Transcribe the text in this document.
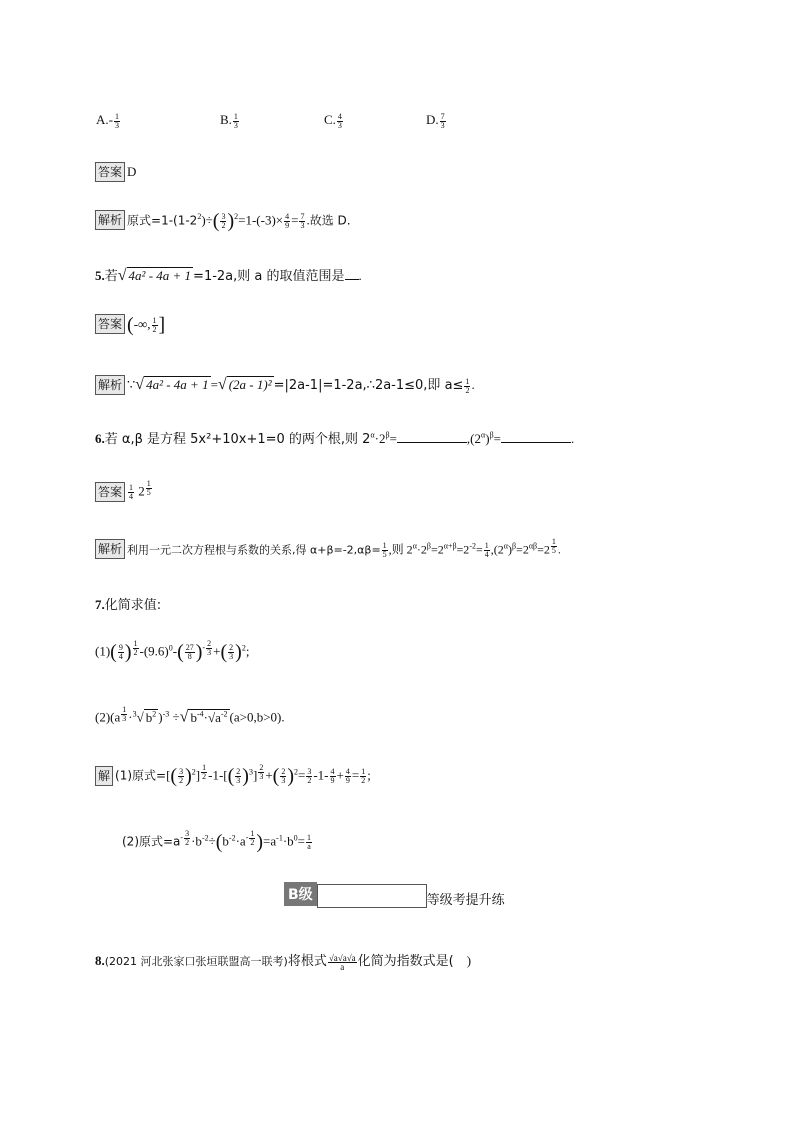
$A.- \frac{1}{3}$	B. $\frac{1}{3}$	C. $\frac{4}{3}$	D. $\frac{7}{3}$
答案 D
解析 原式$=1-(1-2^2)\div( \frac{3}{2} )^2=1-(-3)\times \frac{4}{9} = \frac{7}{3}$ .故选 D.
5.若√ 4a² - 4a + 1 =1-2a,则 a 的取值范围是 .
答案 (-∞, $\frac{1}{2}$ ]
解析 ∵√ 4a² - 4a + 1 =√ (2a - 1)² =|2a-1|=1-2a,∴2a-1≤0,即 $a\le \frac{1}{2}$ .
6.若 α,β 是方程 5x²+10x+1=0 的两个根,则 $2^\alpha\cdot 2^\beta=$	$,(2^\alpha)^\beta=$	.
答案 $\frac{1}{4} 2$ $^{\frac{1}{5}}$
解析 利用一元二次方程根与系数的关系,得 $\alpha+\beta=-2,\alpha\beta= \frac{1}{5}$ ,则 $2^\alpha\cdot 2^\beta=2^{\alpha+\beta}=2^{-2}= \frac{1}{4} ,(2^\alpha)^\beta=2^{\alpha\beta}=2$ $^{\frac{1}{5}}$ .
7.化简求值:
$(1)( \frac{9}{4}$ ) $^{\frac{1}{2}}$ $-(9.6)^0-( \frac{27}{8} )^{- \frac{2}{3}}$ +( $\frac{2}{3} )^2$;
(2)(a $^{\frac{1}{3}}$ ·$^3$√ $b^2$ )$^{-3}$ ÷√ $b^{-4}\cdot√a^{-2}$ (a>0,b>0).
解 (1)原式=[( $\frac{3}{2} )^2$] $^{\frac{1}{2}}$ $-1-[( \frac{2}{3} )^3]$ $^{\frac{2}{3}}$ +( $\frac{2}{3} )^2= \frac{3}{2} -1- \frac{4}{9} + \frac{4}{9} = \frac{1}{2}$ ;
(2)原式$=a^{- \frac{3}{2}} \cdot b^{-2}\div(b^{-2}\cdot a^{- \frac{1}{2}}$ )$=a^{-1}\cdot b^0= \frac{1}{a}$
B级	等级考提升练
8.(2021 河北张家口张垣联盟高一联考)将根式 $\frac{√a√a√a}{a}$ 化简为指数式是( )
